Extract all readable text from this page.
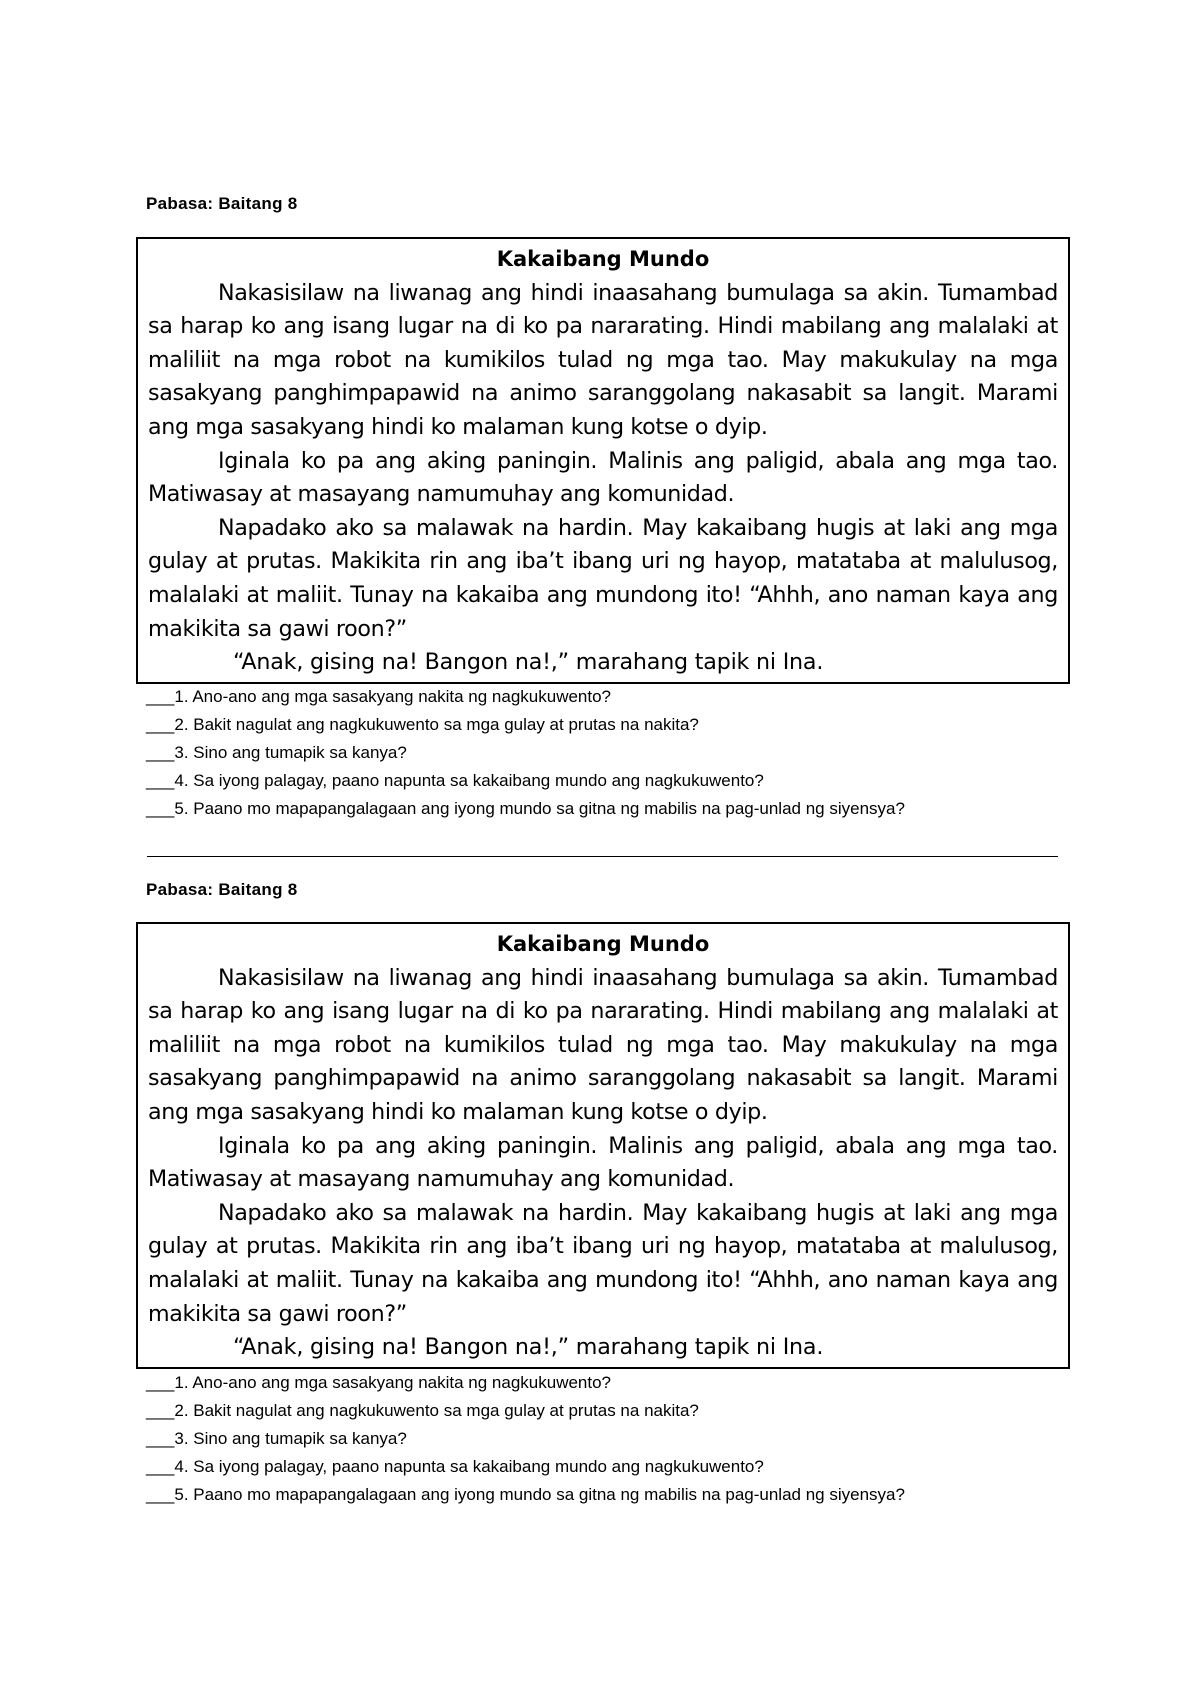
Pabasa: Baitang 8

Kakaibang Mundo

Nakasisilaw na liwanag ang hindi inaasahang bumulaga sa akin. Tumambad sa harap ko ang isang lugar na di ko pa nararating. Hindi mabilang ang malalaki at maliliit na mga robot na kumikilos tulad ng mga tao. May makukulay na mga sasakyang panghimpapawid na animo saranggolang nakasabit sa langit. Marami ang mga sasakyang hindi ko malaman kung kotse o dyip.

Iginala ko pa ang aking paningin. Malinis ang paligid, abala ang mga tao. Matiwasay at masayang namumuhay ang komunidad.

Napadako ako sa malawak na hardin. May kakaibang hugis at laki ang mga gulay at prutas. Makikita rin ang iba’t ibang uri ng hayop, matataba at malulusog, malalaki at maliit. Tunay na kakaiba ang mundong ito! “Ahhh, ano naman kaya ang makikita sa gawi roon?”

“Anak, gising na! Bangon na!,” marahang tapik ni Ina.

___1. Ano-ano ang mga sasakyang nakita ng nagkukuwento?
___2. Bakit nagulat ang nagkukuwento sa mga gulay at prutas na nakita?
___3. Sino ang tumapik sa kanya?
___4. Sa iyong palagay, paano napunta sa kakaibang mundo ang nagkukuwento?
___5. Paano mo mapapangalagaan ang iyong mundo sa gitna ng mabilis na pag-unlad ng siyensya?

Pabasa: Baitang 8

Kakaibang Mundo

Nakasisilaw na liwanag ang hindi inaasahang bumulaga sa akin. Tumambad sa harap ko ang isang lugar na di ko pa nararating. Hindi mabilang ang malalaki at maliliit na mga robot na kumikilos tulad ng mga tao. May makukulay na mga sasakyang panghimpapawid na animo saranggolang nakasabit sa langit. Marami ang mga sasakyang hindi ko malaman kung kotse o dyip.

Iginala ko pa ang aking paningin. Malinis ang paligid, abala ang mga tao. Matiwasay at masayang namumuhay ang komunidad.

Napadako ako sa malawak na hardin. May kakaibang hugis at laki ang mga gulay at prutas. Makikita rin ang iba’t ibang uri ng hayop, matataba at malulusog, malalaki at maliit. Tunay na kakaiba ang mundong ito! “Ahhh, ano naman kaya ang makikita sa gawi roon?”

“Anak, gising na! Bangon na!,” marahang tapik ni Ina.

___1. Ano-ano ang mga sasakyang nakita ng nagkukuwento?
___2. Bakit nagulat ang nagkukuwento sa mga gulay at prutas na nakita?
___3. Sino ang tumapik sa kanya?
___4. Sa iyong palagay, paano napunta sa kakaibang mundo ang nagkukuwento?
___5. Paano mo mapapangalagaan ang iyong mundo sa gitna ng mabilis na pag-unlad ng siyensya?
